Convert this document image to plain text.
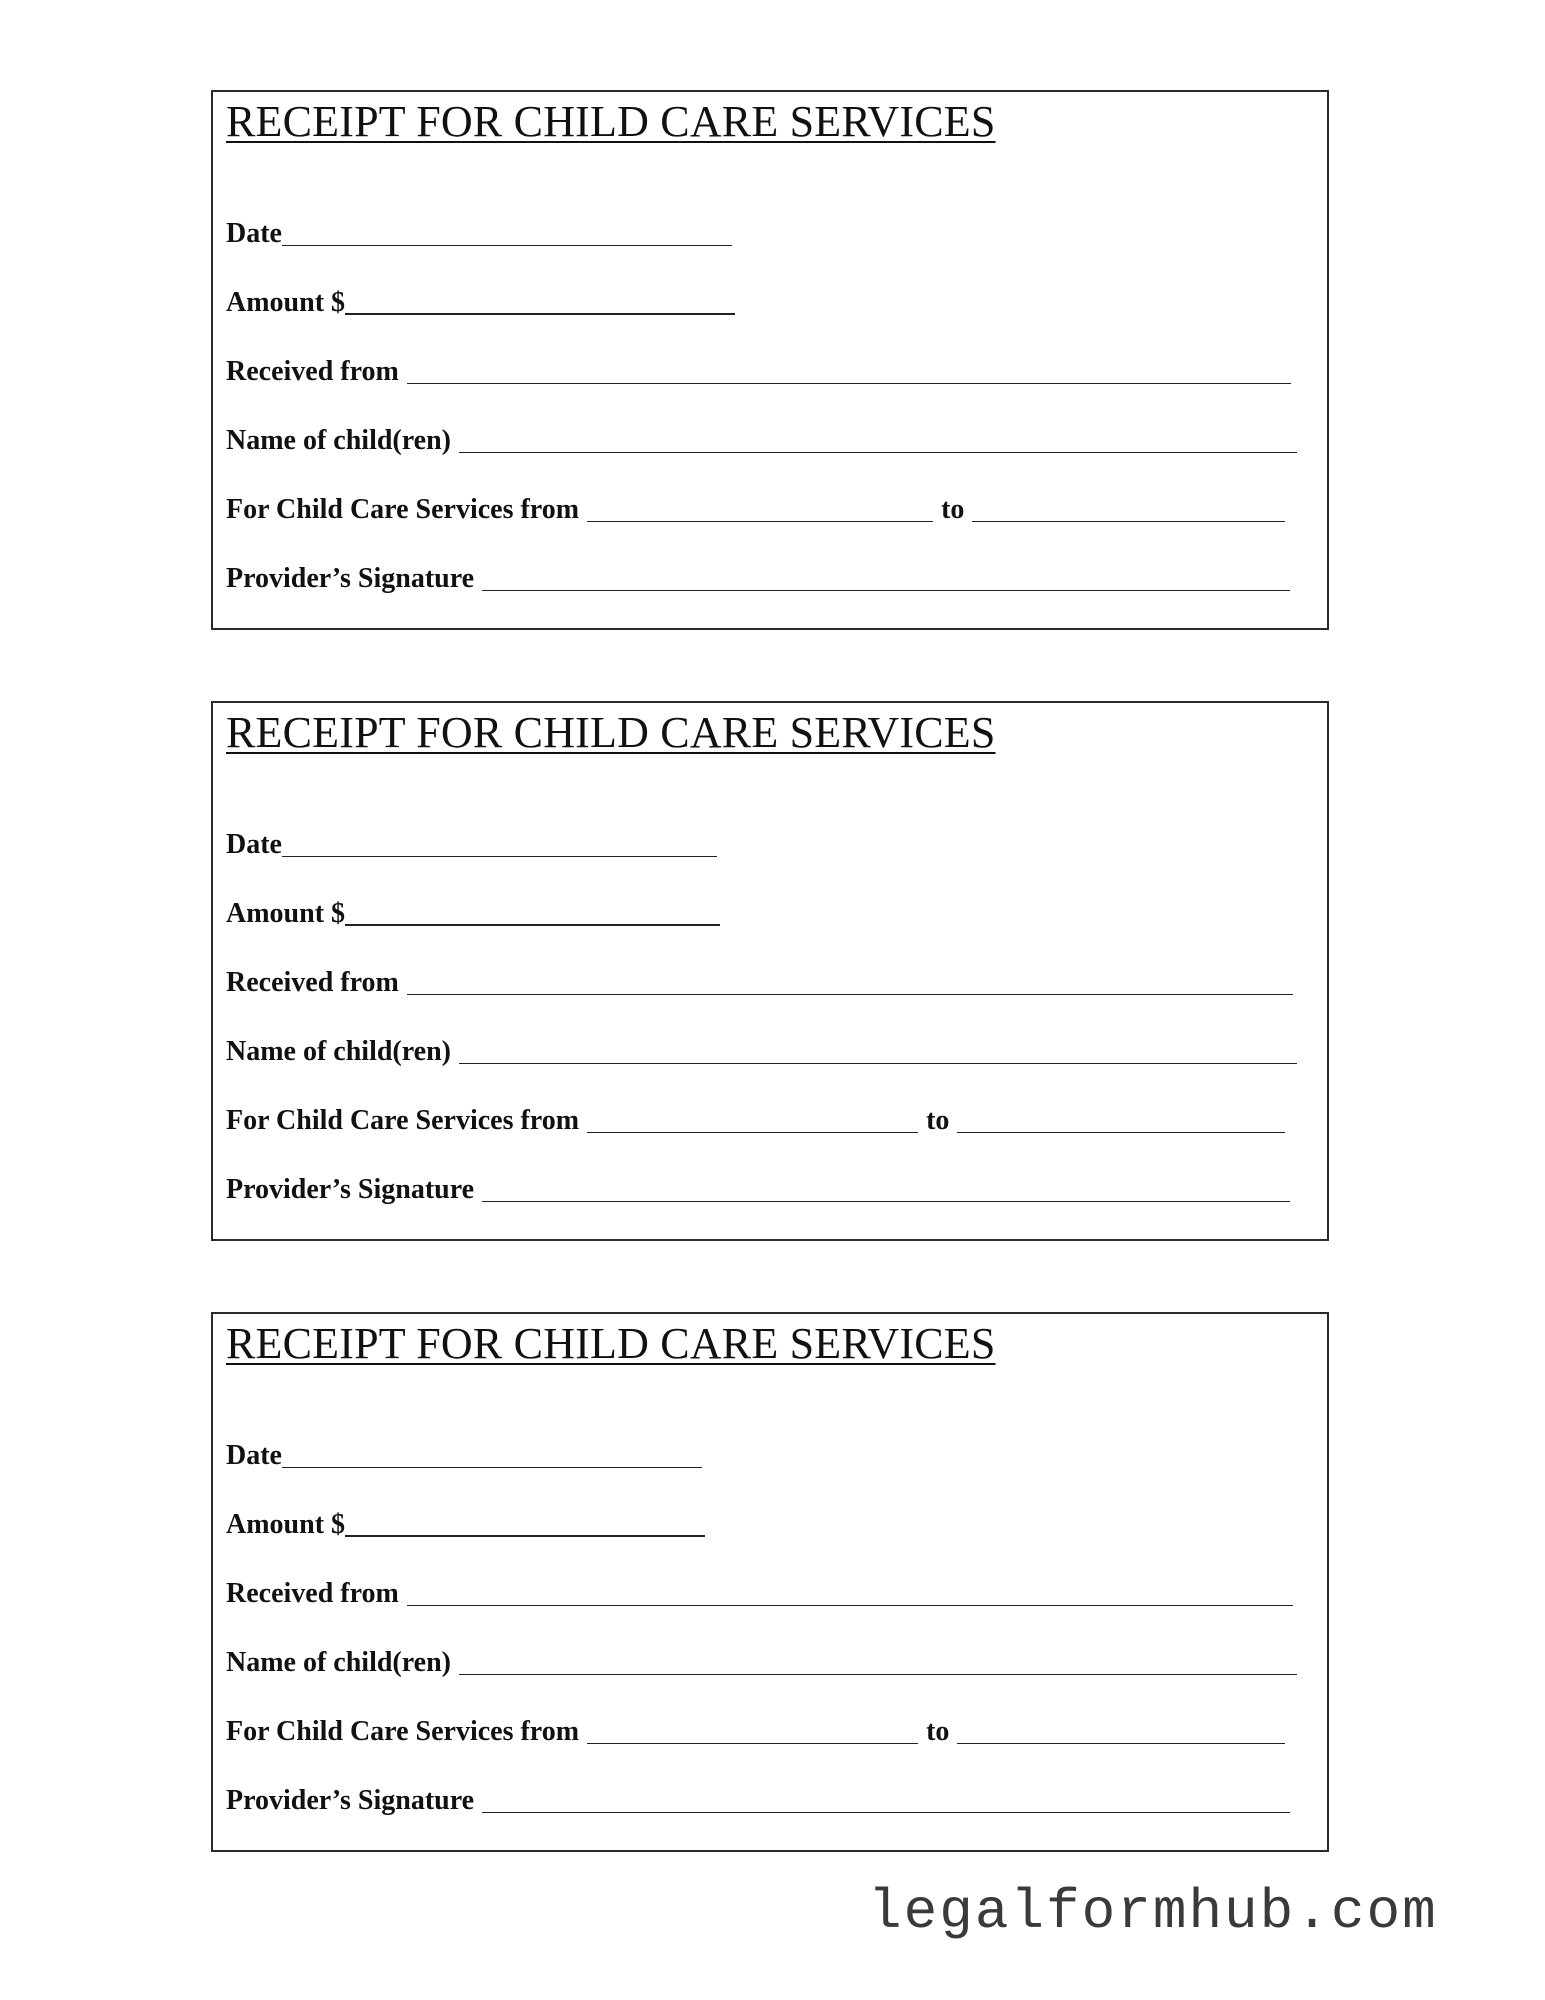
RECEIPT FOR CHILD CARE SERVICES
Date
Amount $
Received from
Name of child(ren)
For Child Care Services from	to
Provider’s Signature
RECEIPT FOR CHILD CARE SERVICES
Date
Amount $
Received from
Name of child(ren)
For Child Care Services from	to
Provider’s Signature
RECEIPT FOR CHILD CARE SERVICES
Date
Amount $
Received from
Name of child(ren)
For Child Care Services from	to
Provider’s Signature
legalformhub.com
